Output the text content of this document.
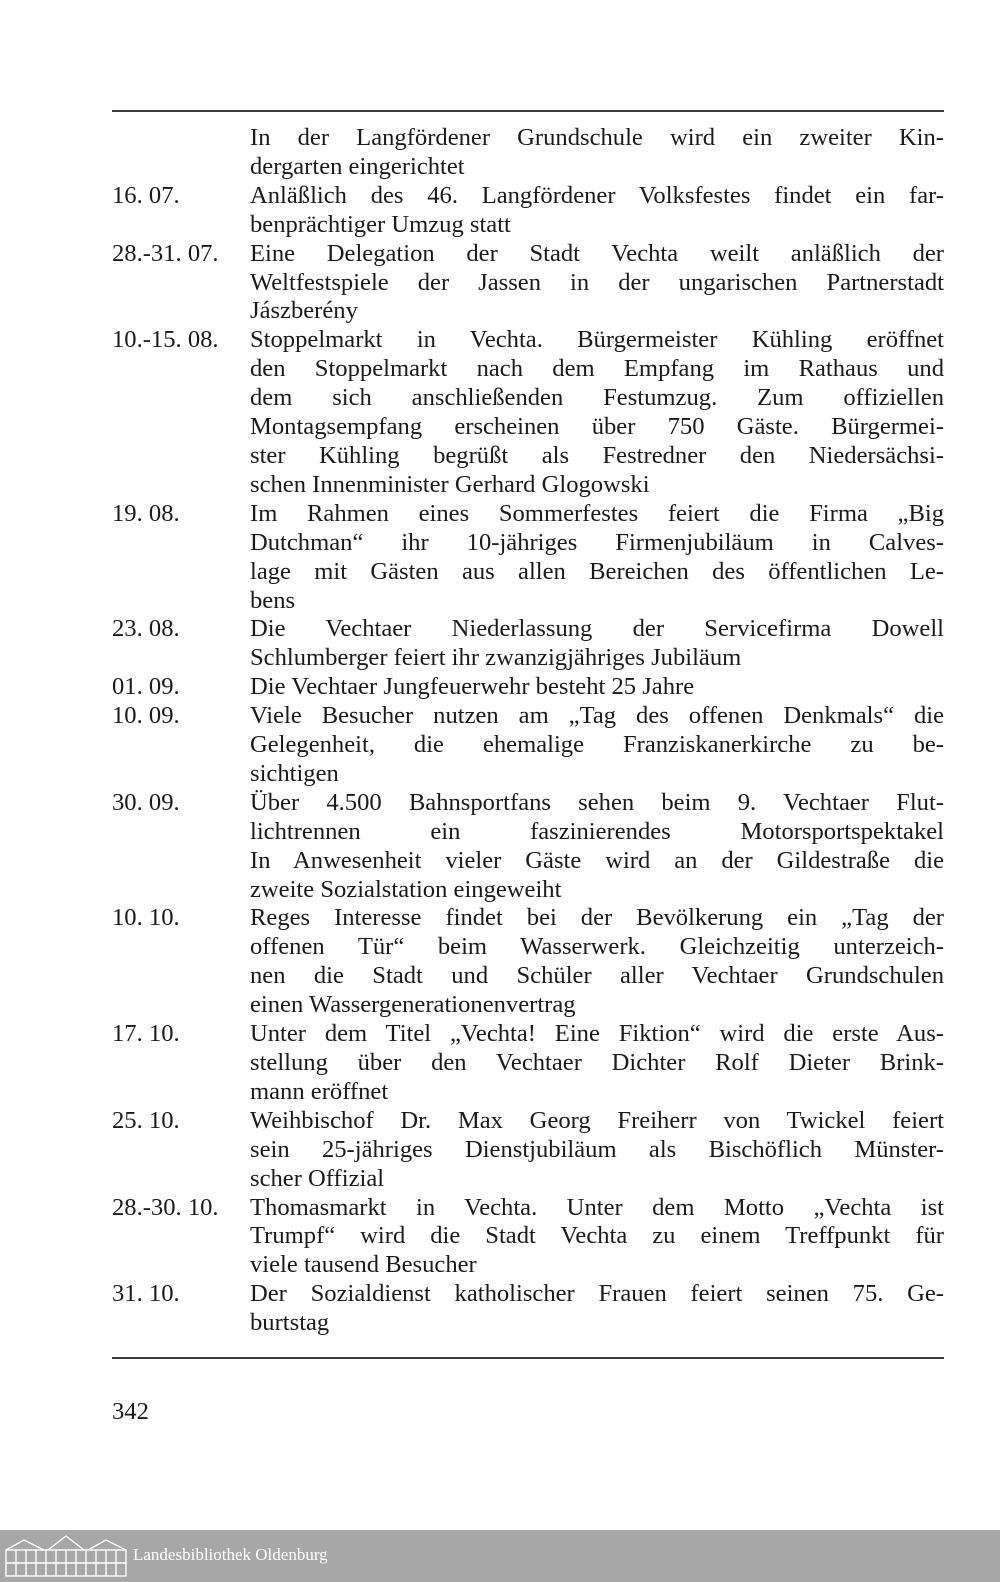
In der Langfördener Grundschule wird ein zweiter Kin-
dergarten eingerichtet
16. 07.	Anläßlich des 46. Langfördener Volksfestes findet ein far-
benprächtiger Umzug statt
28.-31. 07.	Eine Delegation der Stadt Vechta weilt anläßlich der
Weltfestspiele der Jassen in der ungarischen Partnerstadt
Jászberény
10.-15. 08.	Stoppelmarkt in Vechta. Bürgermeister Kühling eröffnet
den Stoppelmarkt nach dem Empfang im Rathaus und
dem sich anschließenden Festumzug. Zum offiziellen
Montagsempfang erscheinen über 750 Gäste. Bürgermei-
ster Kühling begrüßt als Festredner den Niedersächsi-
schen Innenminister Gerhard Glogowski
19. 08.	Im Rahmen eines Sommerfestes feiert die Firma „Big
Dutchman“ ihr 10-jähriges Firmenjubiläum in Calves-
lage mit Gästen aus allen Bereichen des öffentlichen Le-
bens
23. 08.	Die Vechtaer Niederlassung der Servicefirma Dowell
Schlumberger feiert ihr zwanzigjähriges Jubiläum
01. 09.	Die Vechtaer Jungfeuerwehr besteht 25 Jahre
10. 09.	Viele Besucher nutzen am „Tag des offenen Denkmals“ die
Gelegenheit, die ehemalige Franziskanerkirche zu be-
sichtigen
30. 09.	Über 4.500 Bahnsportfans sehen beim 9. Vechtaer Flut-
lichtrennen ein faszinierendes Motorsportspektakel
In Anwesenheit vieler Gäste wird an der Gildestraße die
zweite Sozialstation eingeweiht
10. 10.	Reges Interesse findet bei der Bevölkerung ein „Tag der
offenen Tür“ beim Wasserwerk. Gleichzeitig unterzeich-
nen die Stadt und Schüler aller Vechtaer Grundschulen
einen Wassergenerationenvertrag
17. 10.	Unter dem Titel „Vechta! Eine Fiktion“ wird die erste Aus-
stellung über den Vechtaer Dichter Rolf Dieter Brink-
mann eröffnet
25. 10.	Weihbischof Dr. Max Georg Freiherr von Twickel feiert
sein 25-jähriges Dienstjubiläum als Bischöflich Münster-
scher Offizial
28.-30. 10.	Thomasmarkt in Vechta. Unter dem Motto „Vechta ist
Trumpf“ wird die Stadt Vechta zu einem Treffpunkt für
viele tausend Besucher
31. 10.	Der Sozialdienst katholischer Frauen feiert seinen 75. Ge-
burtstag
342
Landesbibliothek Oldenburg
